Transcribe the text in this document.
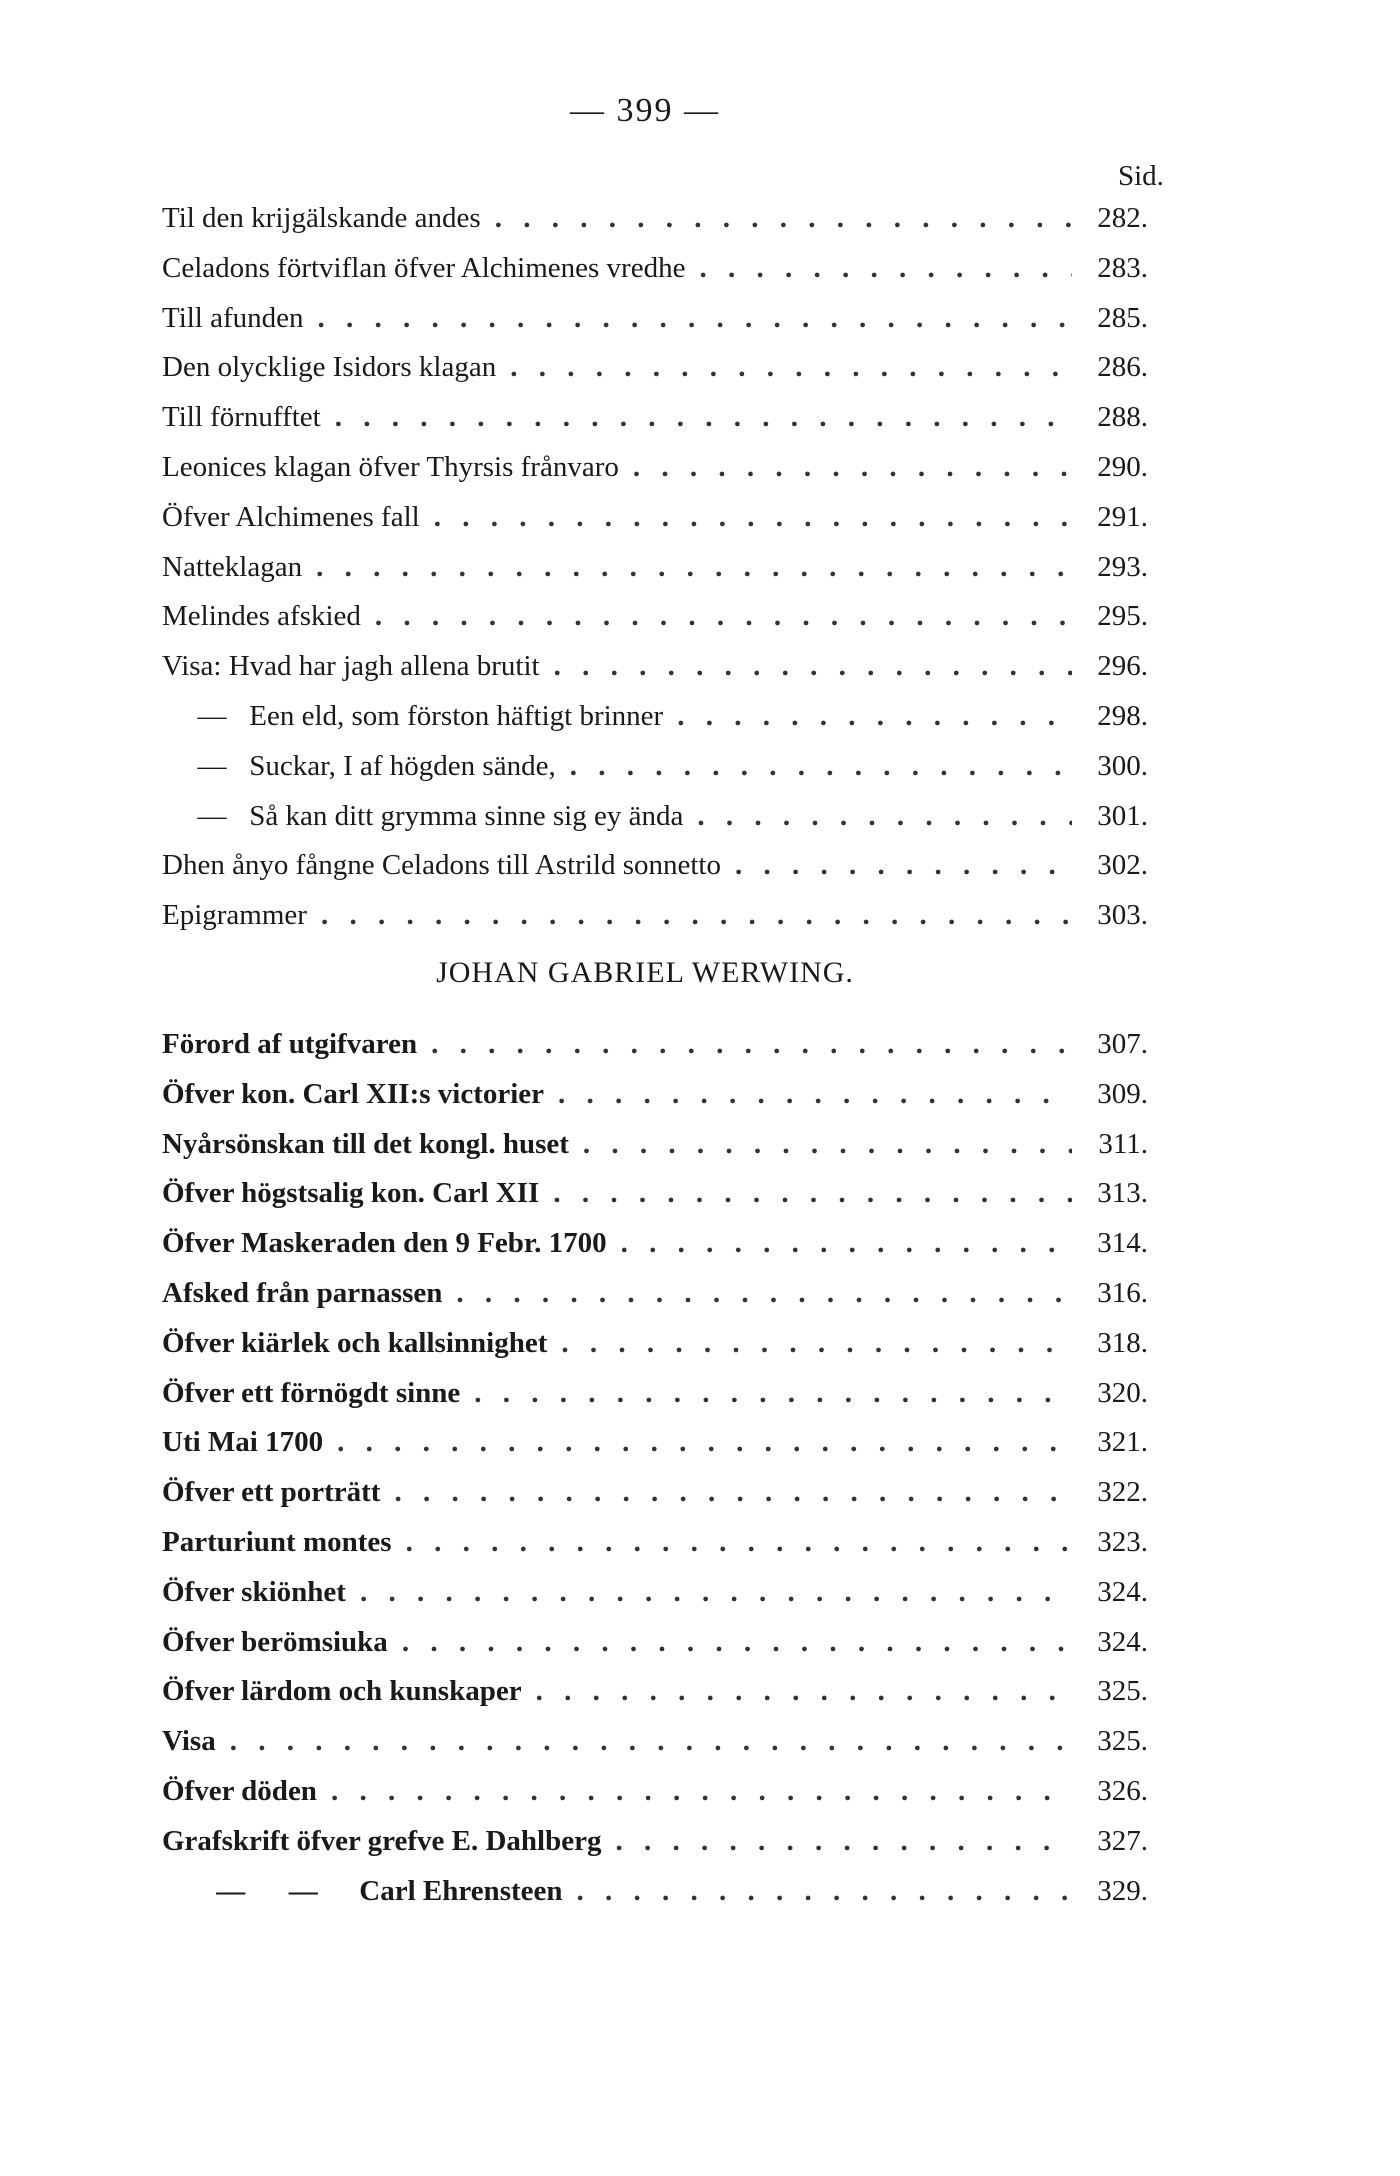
— 399 —
Sid.
Til den krijgälskande andes . . .	282.
Celadons förtviflan öfver Alchimenes vredhe . . .	283.
Till afunden . . .	285.
Den olycklige Isidors klagan . . .	286.
Till förnufftet . . .	288.
Leonices klagan öfver Thyrsis frånvaro . . .	290.
Öfver Alchimenes fall . . .	291.
Natteklagan . . .	293.
Melindes afskied . . .	295.
Visa: Hvad har jagh allena brutit . . .	296.
— Een eld, som förston häftigt brinner . . .	298.
— Suckar, I af högden sände, . . .	300.
— Så kan ditt grymma sinne sig ey ända . . .	301.
Dhen ånyo fångne Celadons till Astrild sonnetto . . .	302.
Epigrammer . . .	303.
JOHAN GABRIEL WERWING.
Förord af utgifvaren . . .	307.
Öfver kon. Carl XII:s victorier . . .	309.
Nyårsönskan till det kongl. huset . . .	311.
Öfver högstsalig kon. Carl XII . . .	313.
Öfver Maskeraden den 9 Febr. 1700 . . .	314.
Afsked från parnassen . . .	316.
Öfver kiärlek och kallsinnighet . . .	318.
Öfver ett förnögdt sinne . . .	320.
Uti Mai 1700 . . .	321.
Öfver ett porträtt . . .	322.
Parturiunt montes . . .	323.
Öfver skiönhet . . .	324.
Öfver berömsiuka . . .	324.
Öfver lärdom och kunskaper . . .	325.
Visa . . .	325.
Öfver döden . . .	326.
Grafskrift öfver grefve E. Dahlberg . . .	327.
—      — Carl Ehrensteen . . .	329.
